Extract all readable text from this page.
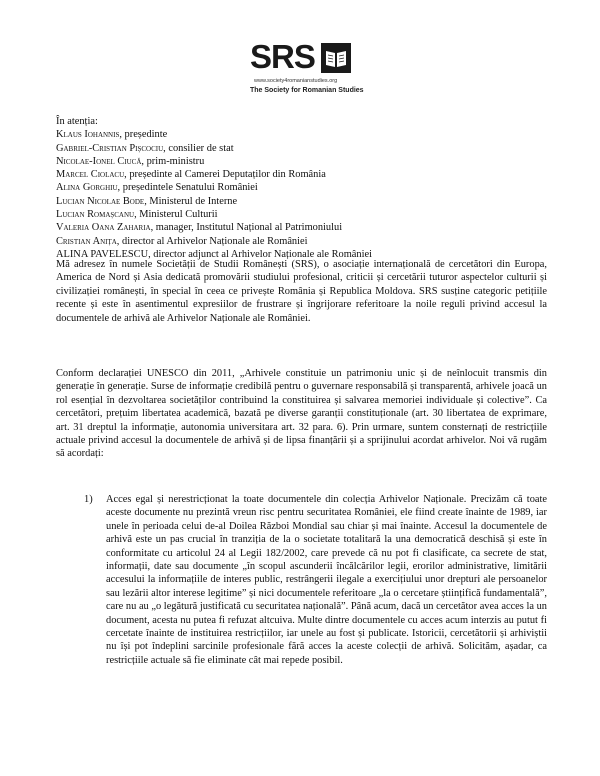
SRS
www.society4romanianstudies.org
The Society for Romanian Studies
În atenția:
Klaus Iohannis, președinte
Gabriel-Cristian Pișcociu, consilier de stat
Nicolae-Ionel Ciucă, prim-ministru
Marcel Ciolacu, președinte al Camerei Deputaților din România
Alina Gorghiu, președintele Senatului României
Lucian Nicolae Bode, Ministerul de Interne
Lucian Romașcanu, Ministerul Culturii
Valeria Oana Zaharia, manager, Institutul Național al Patrimoniului
Cristian Anița, director al Arhivelor Naționale ale României
ALINA PAVELESCU, director adjunct al Arhivelor Naționale ale României

Mă adresez în numele Societății de Studii Românești (SRS), o asociație internațională de cercetători din Europa, America de Nord și Asia dedicată promovării studiului profesional, criticii și cercetării tuturor aspectelor culturii și civilizației românești, în special în ceea ce privește România și Republica Moldova. SRS susține categoric petițiile recente și este în asentimentul expresiilor de frustrare și îngrijorare referitoare la noile reguli privind accesul la documentele de arhivă ale Arhivelor Naționale ale României.

Conform declarației UNESCO din 2011, „Arhivele constituie un patrimoniu unic și de neînlocuit transmis din generație în generație. Surse de informație credibilă pentru o guvernare responsabilă și transparentă, arhivele joacă un rol esențial în dezvoltarea societăților contribuind la constituirea și salvarea memoriei individuale și colective”. Ca cercetători, prețuim libertatea academică, bazată pe diverse garanții constituționale (art. 30 libertatea de exprimare, art. 31 dreptul la informație, autonomia universitara art. 32 para. 6). Prin urmare, suntem consternați de restricțiile actuale privind accesul la documentele de arhivă și de lipsa finanțării și a sprijinului acordat arhivelor. Noi vă rugăm să acordați:

1) Acces egal și nerestricționat la toate documentele din colecția Arhivelor Naționale. Precizăm că toate aceste documente nu prezintă vreun risc pentru securitatea României, ele fiind create înainte de 1989, iar unele în perioada celui de-al Doilea Război Mondial sau chiar și mai înainte. Accesul la documentele de arhivă este un pas crucial în tranziția de la o societate totalitară la una democratică deschisă și este în conformitate cu articolul 24 al Legii 182/2002, care prevede că nu pot fi clasificate, ca secrete de stat, informații, date sau documente „în scopul ascunderii încălcărilor legii, erorilor administrative, limitării accesului la informațiile de interes public, restrângerii ilegale a exercițiului unor drepturi ale persoanelor sau lezării altor interese legitime” și nici documentele referitoare „la o cercetare științifică fundamentală”, care nu au „o legătură justificată cu securitatea națională”. Până acum, dacă un cercetător avea acces la un document, acesta nu putea fi refuzat altcuiva. Multe dintre documentele cu acces acum interzis au putut fi cercetate înainte de instituirea restricțiilor, iar unele au fost și publicate. Istoricii, cercetătorii și arhiviștii nu își pot îndeplini sarcinile profesionale fără acces la aceste colecții de arhivă. Solicităm, așadar, ca restricțiile actuale să fie eliminate cât mai repede posibil.
